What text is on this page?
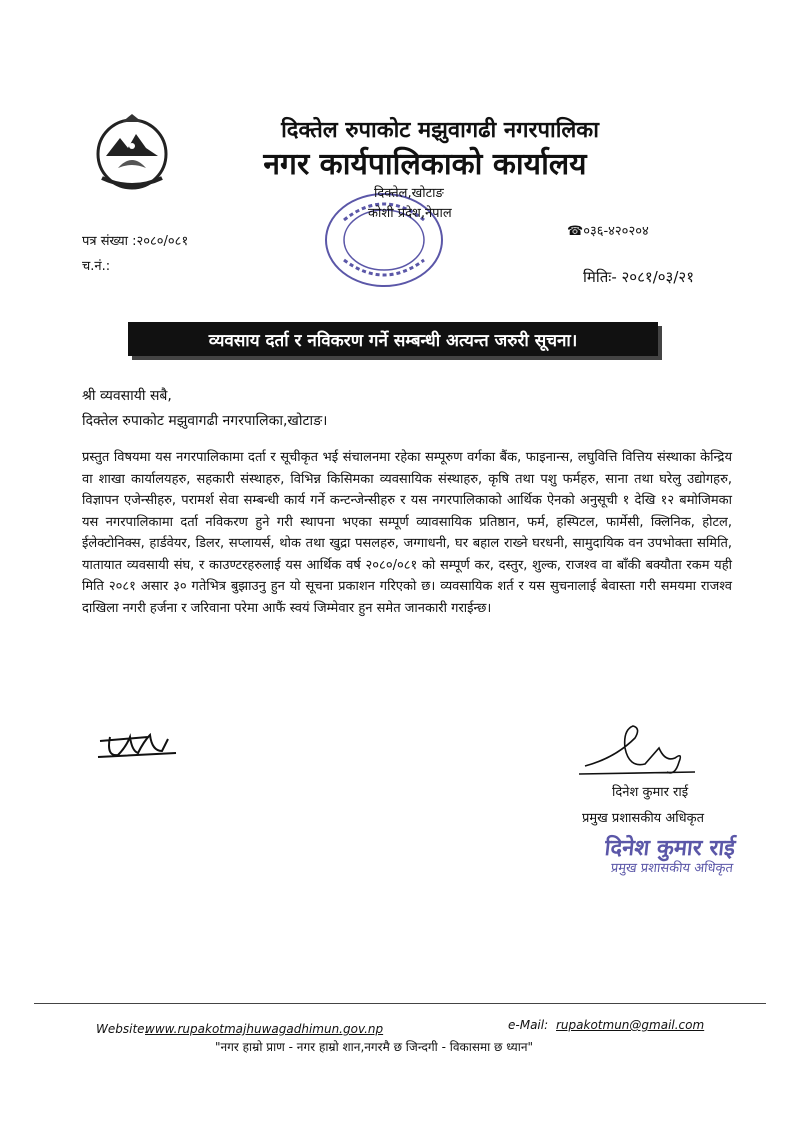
दिक्तेल रुपाकोट मझुवागढी नगरपालिका
नगर कार्यपालिकाको कार्यालय
दिक्तेल,खोटाङ
कोशी प्रदेश,नेपाल
पत्र संख्या :२०८०/०८१
च.नं.:
☎०३६-४२०२०४
मितिः- २०८१/०३/२१
व्यवसाय दर्ता र नविकरण गर्ने सम्बन्धी अत्यन्त जरुरी सूचना।
श्री व्यवसायी सबै,
दिक्तेल रुपाकोट मझुवागढी नगरपालिका,खोटाङ।
प्रस्तुत विषयमा यस नगरपालिकामा दर्ता र सूचीकृत भई संचालनमा रहेका सम्पूरुण वर्गका बैंक, फाइनान्स, लघुवित्ति वित्तिय संस्थाका केन्द्रिय वा शाखा कार्यालयहरु, सहकारी संस्थाहरु, विभिन्न किसिमका व्यवसायिक संस्थाहरु, कृषि तथा पशु फर्महरु, साना तथा घरेलु उद्योगहरु, विज्ञापन एजेन्सीहरु, परामर्श सेवा सम्बन्धी कार्य गर्ने कन्टन्जेन्सीहरु र यस नगरपालिकाको आर्थिक ऐनको अनुसूची १ देखि १२ बमोजिमका यस नगरपालिकामा दर्ता नविकरण हुने गरी स्थापना भएका सम्पूर्ण व्यावसायिक प्रतिष्ठान, फर्म, हस्पिटल, फार्मेसी, क्लिनिक, होटल, ईलेक्टोनिक्स, हार्डवेयर, डिलर, सप्लायर्स, थोक तथा खुद्रा पसलहरु, जग्गाधनी, घर बहाल राख्ने घरधनी, सामुदायिक वन उपभोक्ता समिति, यातायात व्यवसायी संघ, र काउण्टरहरुलाई यस आर्थिक वर्ष २०८०/०८१ को सम्पूर्ण कर, दस्तुर, शुल्क, राजश्व वा बाँकी बक्यौता रकम यही मिति २०८१ असार ३० गतेभित्र बुझाउनु हुन यो सूचना प्रकाशन गरिएको छ। व्यवसायिक शर्त र यस सुचनालाई बेवास्ता गरी समयमा राजश्व दाखिला नगरी हर्जना र जरिवाना परेमा आफैं स्वयं जिम्मेवार हुन समेत जानकारी गराईन्छ।
दिनेश कुमार राई
प्रमुख प्रशासकीय अधिकृत
दिनेश कुमार राई
प्रमुख प्रशासकीय अधिकृत
Website:
www.rupakotmajhuwagadhimun.gov.np	e-Mail: rupakotmun@gmail.com
"नगर हाम्रो प्राण - नगर हाम्रो शान,नगरमै छ जिन्दगी - विकासमा छ ध्यान"
